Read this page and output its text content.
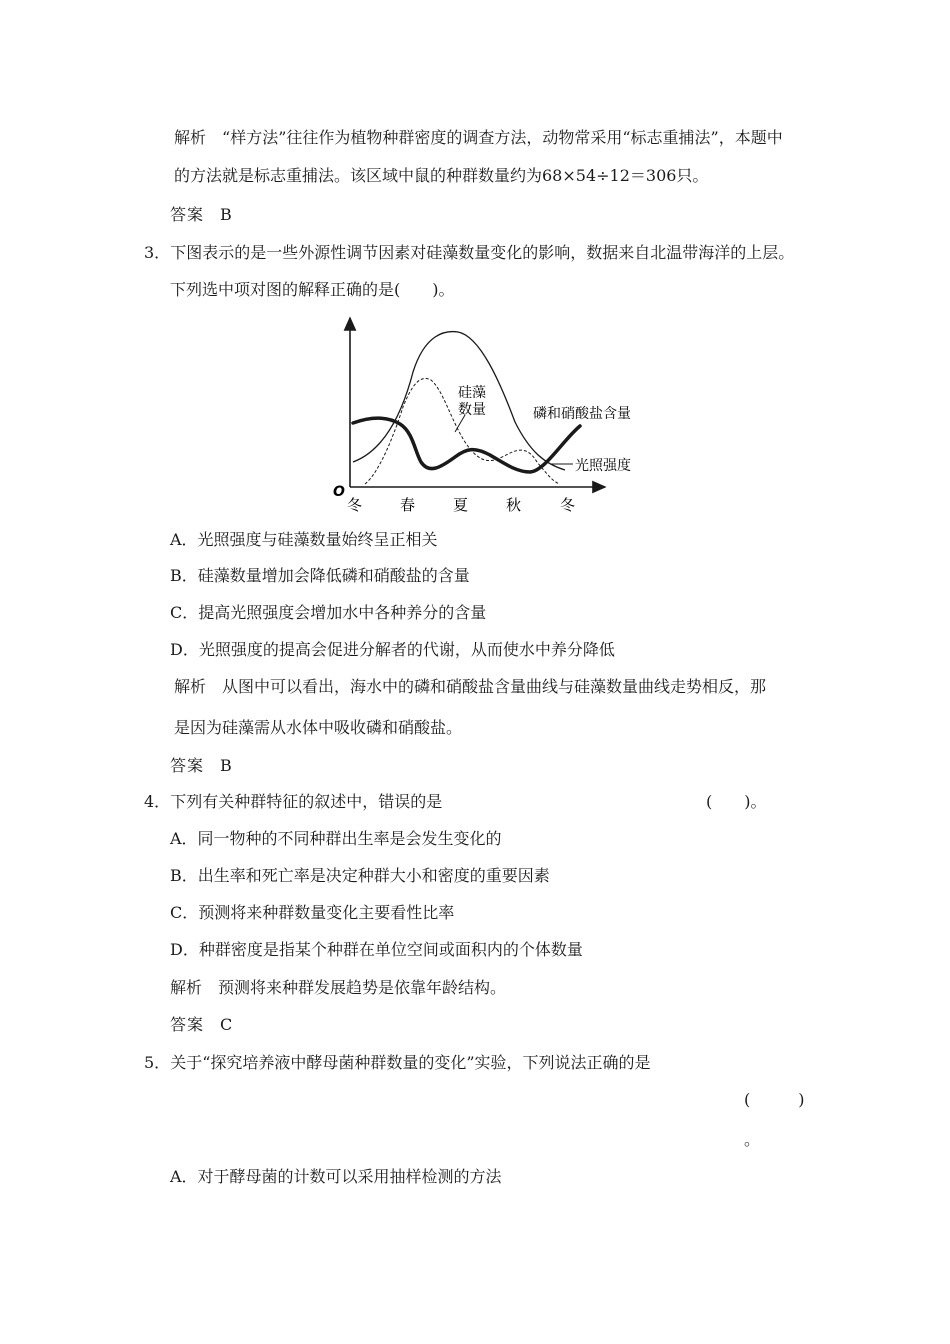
解析 “样方法”往往作为植物种群密度的调查方法，动物常采用“标志重捕法”，本题中
的方法就是标志重捕法。该区域中鼠的种群数量约为68×54÷12＝306只。
答案 B
3．下图表示的是一些外源性调节因素对硅藻数量变化的影响，数据来自北温带海洋的上层。
下列选中项对图的解释正确的是(　　)。
O
冬	春	夏	秋	冬
硅藻
数量	磷和硝酸盐含量
光照强度
A．光照强度与硅藻数量始终呈正相关
B．硅藻数量增加会降低磷和硝酸盐的含量
C．提高光照强度会增加水中各种养分的含量
D．光照强度的提高会促进分解者的代谢，从而使水中养分降低
解析 从图中可以看出，海水中的磷和硝酸盐含量曲线与硅藻数量曲线走势相反，那
是因为硅藻需从水体中吸收磷和硝酸盐。
答案 B
4．下列有关种群特征的叙述中，错误的是	(　　)。
A．同一物种的不同种群出生率是会发生变化的
B．出生率和死亡率是决定种群大小和密度的重要因素
C．预测将来种群数量变化主要看性比率
D．种群密度是指某个种群在单位空间或面积内的个体数量
解析 预测将来种群发展趋势是依靠年龄结构。
答案 C
5．关于“探究培养液中酵母菌种群数量的变化”实验，下列说法正确的是
(　　　)
。
A．对于酵母菌的计数可以采用抽样检测的方法
